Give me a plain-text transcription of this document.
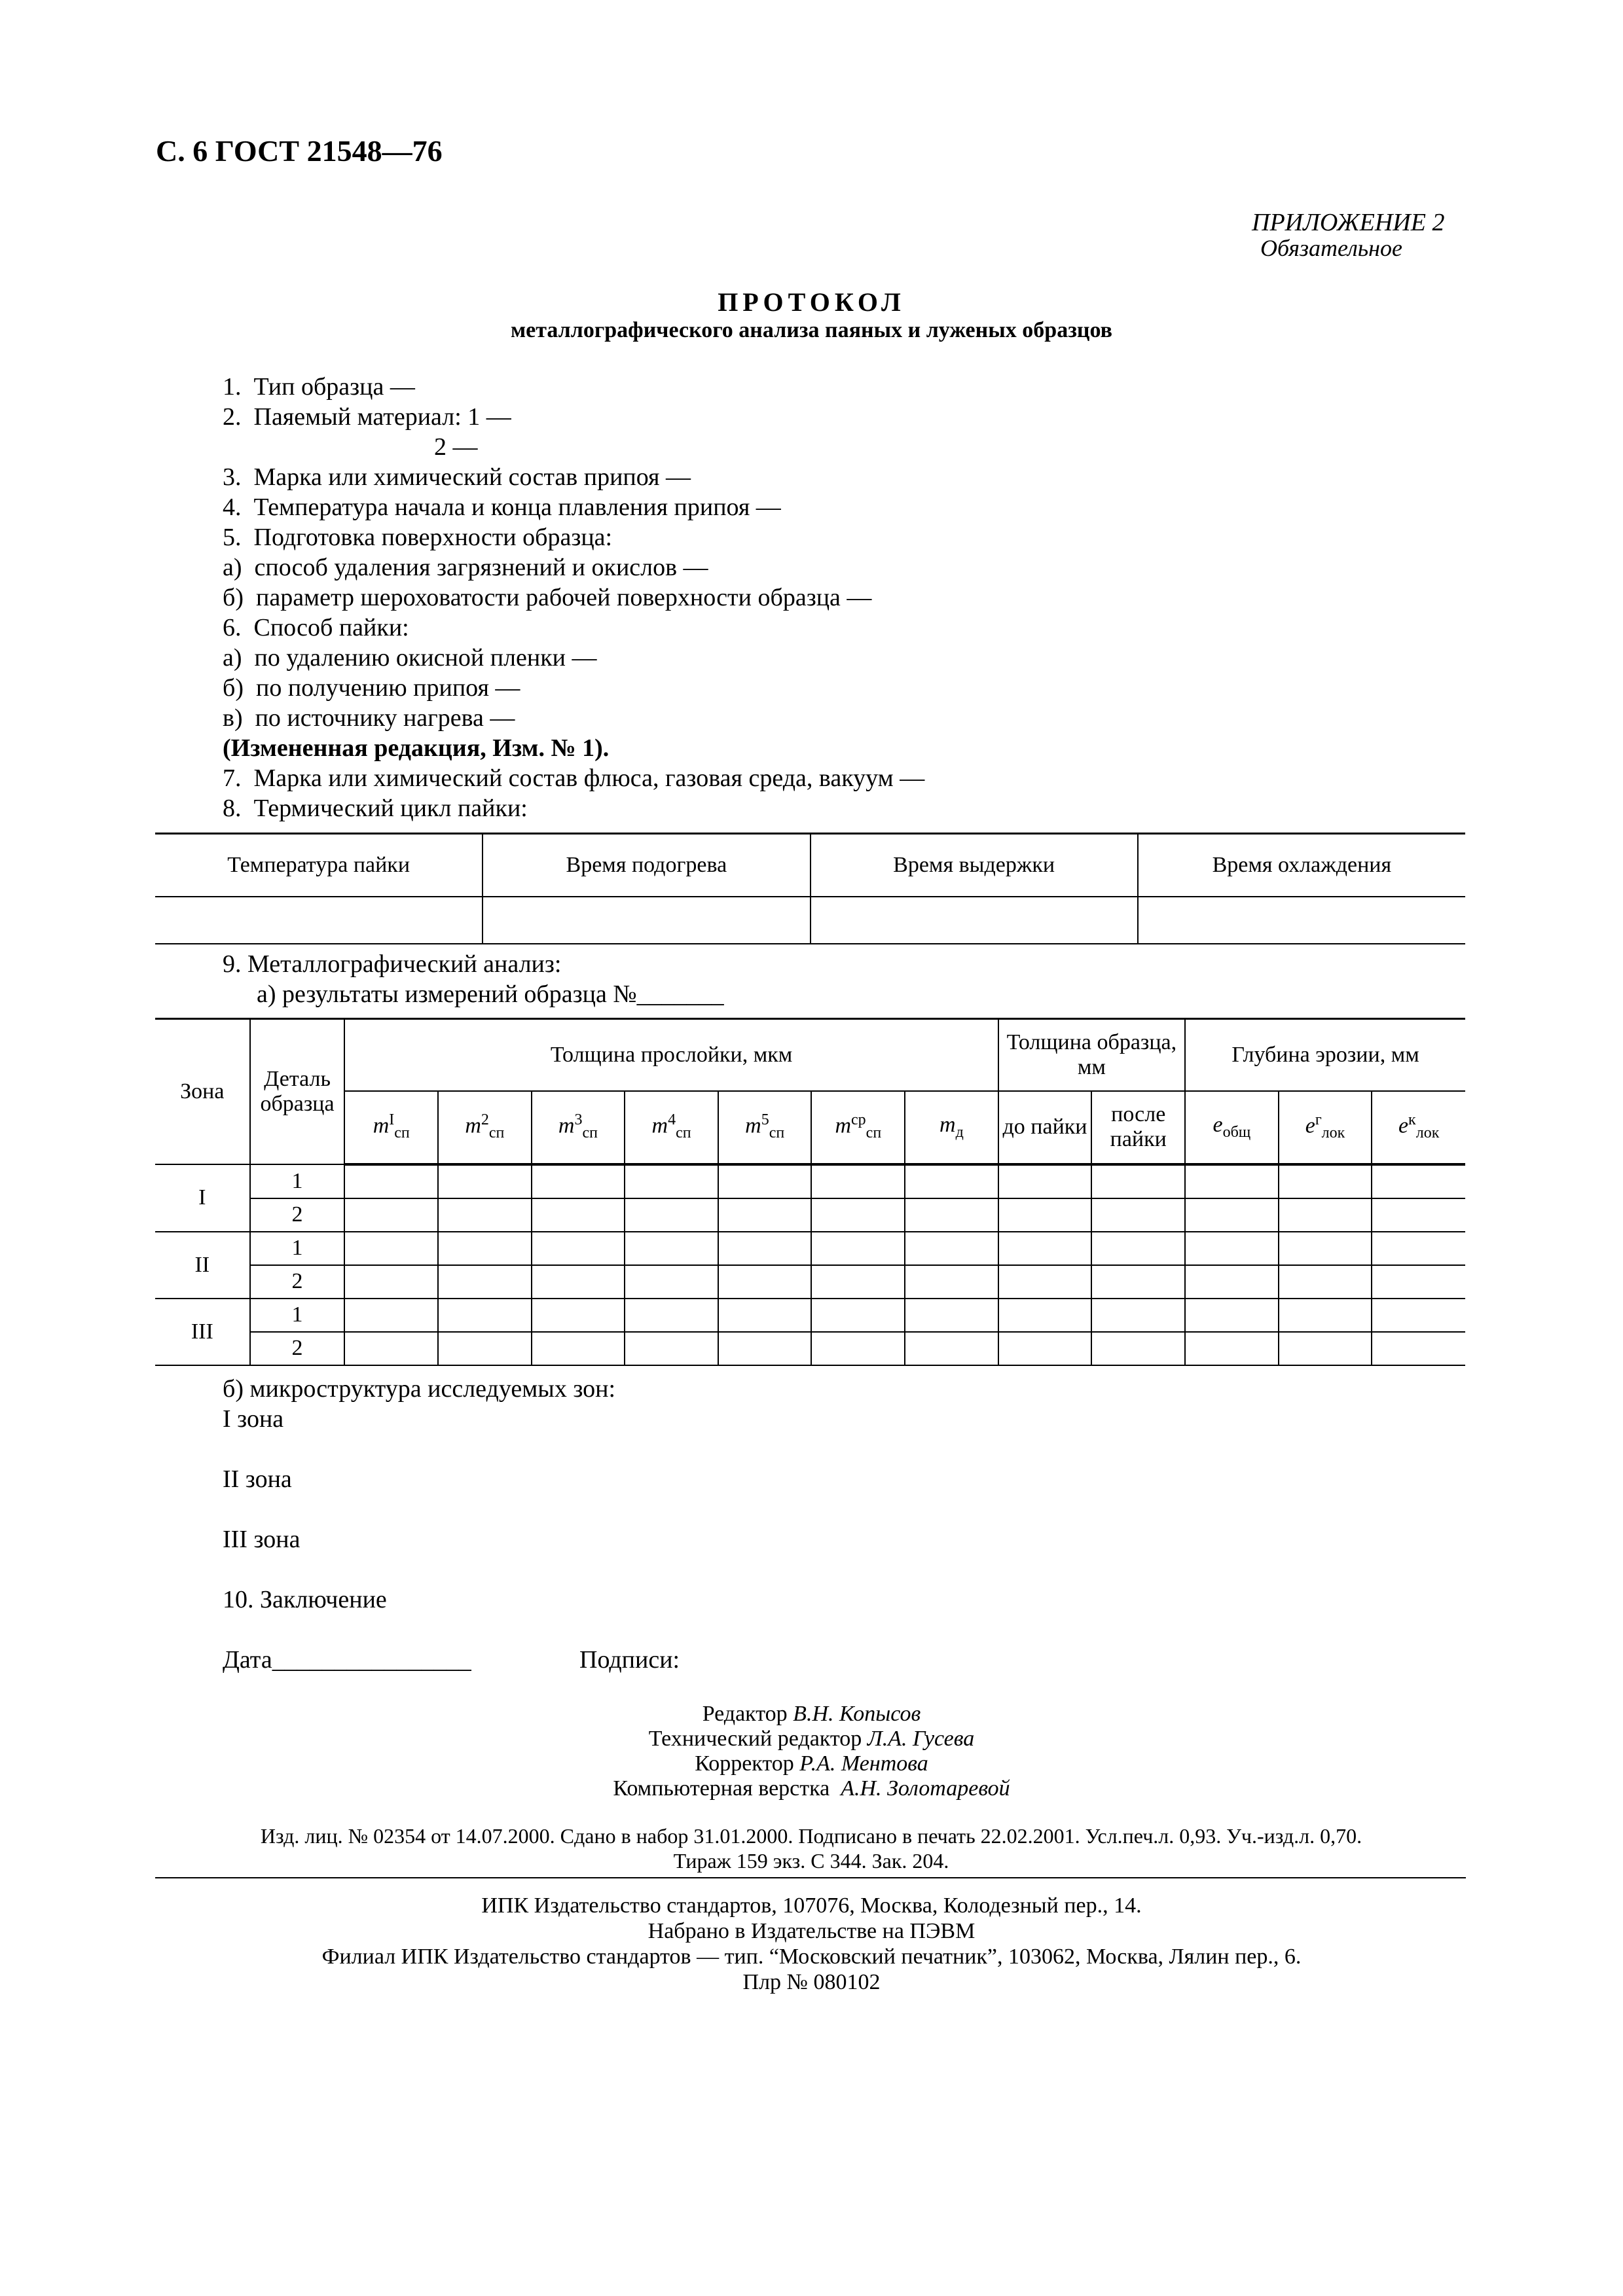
С. 6 ГОСТ 21548—76
ПРИЛОЖЕНИЕ 2
Обязательное
ПРОТОКОЛ
металлографического анализа паяных и луженых образцов
1.  Тип образца —
2.  Паяемый материал: 1 —
2 —
3.  Марка или химический состав припоя —
4.  Температура начала и конца плавления припоя —
5.  Подготовка поверхности образца:
а)  способ удаления загрязнений и окислов —
б)  параметр шероховатости рабочей поверхности образца —
6.  Способ пайки:
а)  по удалению окисной пленки —
б)  по получению припоя —
в)  по источнику нагрева —
(Измененная редакция, Изм. № 1).
7.  Марка или химический состав флюса, газовая среда, вакуум —
8.  Термический цикл пайки:
Температура пайки	Время подогрева	Время выдержки	Время охлаждения

9. Металлографический анализ:
а) результаты измерений образца №_______
Зона	Деталь образца	Толщина прослойки, мкм							Толщина образца, мм		Глубина эрозии, мм		
		$m^I_{сп}$	$m^2_{сп}$	$m^3_{сп}$	$m^4_{сп}$	$m^5_{сп}$	$m^{ср}_{сп}$	$m_д$	до пайки	после пайки	$e_{общ}$	$e^г_{лок}$	$e^к_{лок}$
I	1												
	2												
II	1												
	2												
III	1												
	2												
б) микроструктура исследуемых зон:
I зона
II зона
III зона
10. Заключение
Дата________________	Подписи:
Редактор В.Н. Копысов
Технический редактор Л.А. Гусева
Корректор Р.А. Ментова
Компьютерная верстка А.Н. Золотаревой
Изд. лиц. № 02354 от 14.07.2000. Сдано в набор 31.01.2000. Подписано в печать 22.02.2001. Усл.печ.л. 0,93. Уч.-изд.л. 0,70.
Тираж 159 экз. С 344. Зак. 204.
ИПК Издательство стандартов, 107076, Москва, Колодезный пер., 14.
Набрано в Издательстве на ПЭВМ
Филиал ИПК Издательство стандартов — тип. “Московский печатник”, 103062, Москва, Лялин пер., 6.
Плр № 080102
